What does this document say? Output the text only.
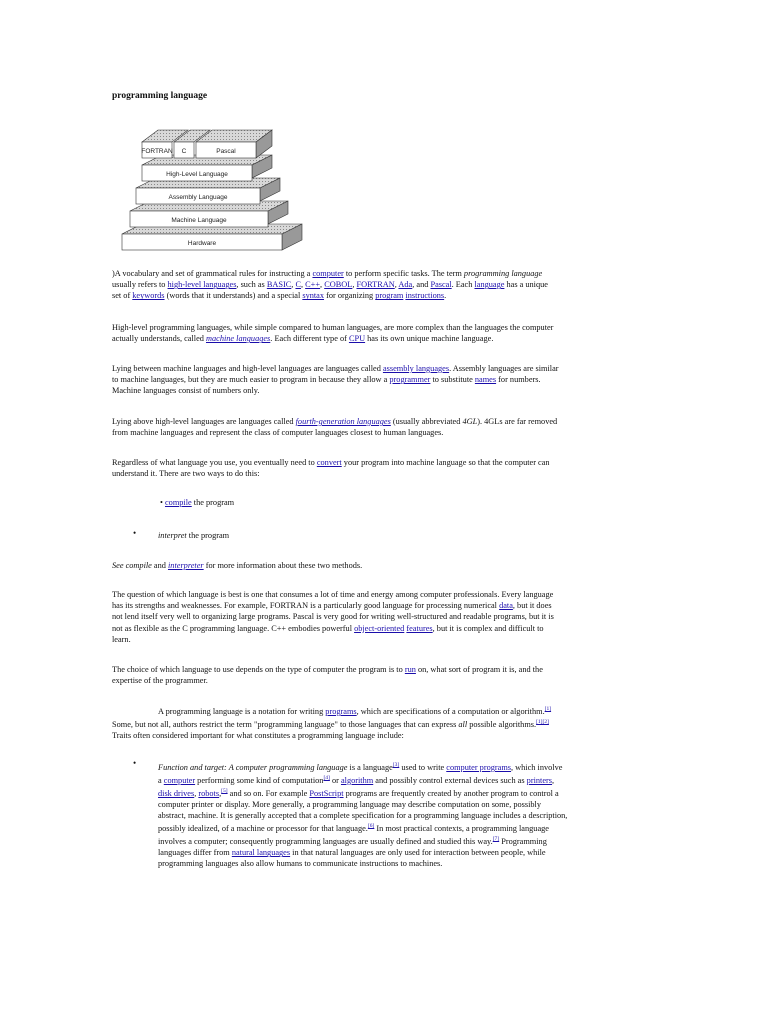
programming language
FORTRAN C	Pascal
High-Level Language
Assembly Language
Machine Language
Hardware
)A vocabulary and set of grammatical rules for instructing a computer to perform specific tasks. The term programming language
usually refers to high-level languages, such as BASIC, C, C++, COBOL, FORTRAN, Ada, and Pascal. Each language has a unique
set of keywords (words that it understands) and a special syntax for organizing program instructions.
High-level programming languages, while simple compared to human languages, are more complex than the languages the computer
actually understands, called machine languages. Each different type of CPU has its own unique machine language.
Lying between machine languages and high-level languages are languages called assembly languages. Assembly languages are similar
to machine languages, but they are much easier to program in because they allow a programmer to substitute names for numbers.
Machine languages consist of numbers only.
Lying above high-level languages are languages called fourth-generation languages (usually abbreviated 4GL). 4GLs are far removed
from machine languages and represent the class of computer languages closest to human languages.
Regardless of what language you use, you eventually need to convert your program into machine language so that the computer can
understand it. There are two ways to do this:
• compile the program
•	interpret the program
See compile and interpreter for more information about these two methods.
The question of which language is best is one that consumes a lot of time and energy among computer professionals. Every language
has its strengths and weaknesses. For example, FORTRAN is a particularly good language for processing numerical data, but it does
not lend itself very well to organizing large programs. Pascal is very good for writing well-structured and readable programs, but it is
not as flexible as the C programming language. C++ embodies powerful object-oriented features, but it is complex and difficult to
learn.
The choice of which language to use depends on the type of computer the program is to run on, what sort of program it is, and the
expertise of the programmer.
A programming language is a notation for writing programs, which are specifications of a computation or algorithm.[1]
Some, but not all, authors restrict the term "programming language" to those languages that can express all possible algorithms.[1][2]
Traits often considered important for what constitutes a programming language include:
•	Function and target: A computer programming language is a language[3] used to write computer programs, which involve
a computer performing some kind of computation[4] or algorithm and possibly control external devices such as printers,
disk drives, robots,[5] and so on. For example PostScript programs are frequently created by another program to control a
computer printer or display. More generally, a programming language may describe computation on some, possibly
abstract, machine. It is generally accepted that a complete specification for a programming language includes a description,
possibly idealized, of a machine or processor for that language.[6] In most practical contexts, a programming language
involves a computer; consequently programming languages are usually defined and studied this way.[7] Programming
languages differ from natural languages in that natural languages are only used for interaction between people, while
programming languages also allow humans to communicate instructions to machines.
